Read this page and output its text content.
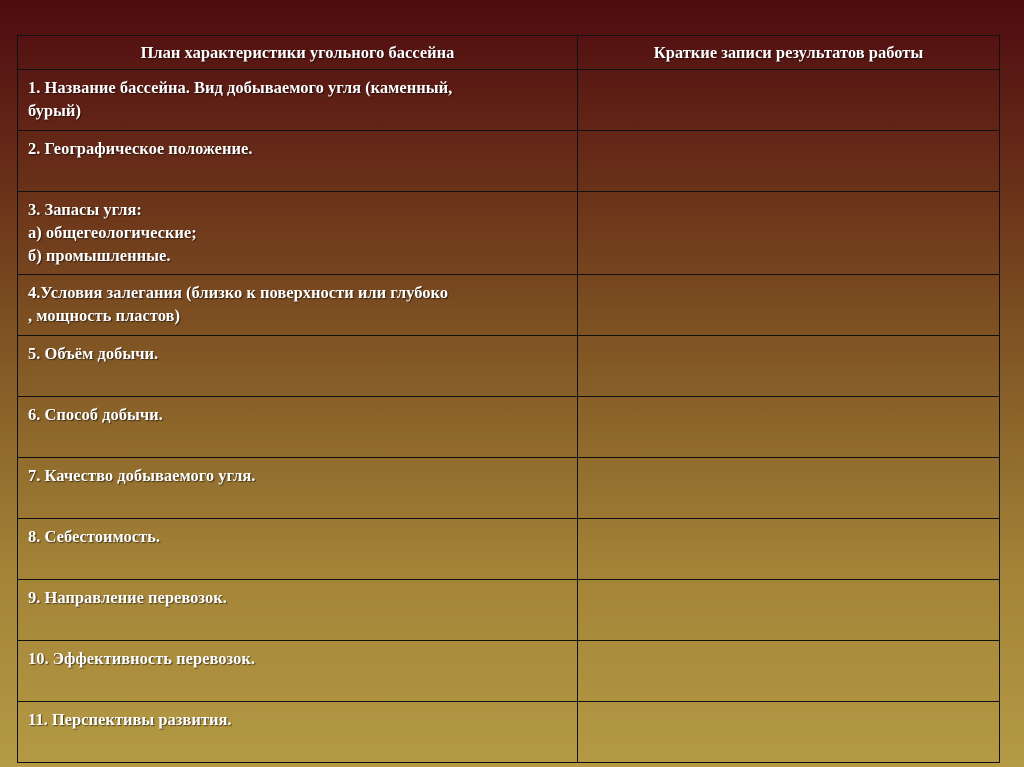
План характеристики угольного бассейна	Краткие записи результатов работы

1. Название бассейна. Вид добываемого угля (каменный,
бурый)	

2. Географическое положение.	

3. Запасы угля:
а) общегеологические;
б) промышленные.	

4.Условия залегания (близко к поверхности или глубоко
, мощность пластов)	

5. Объём добычи.	

6. Способ добычи.	

7. Качество добываемого угля.	

8. Себестоимость.	

9. Направление перевозок.	

10. Эффективность перевозок.	

11. Перспективы развития.	
